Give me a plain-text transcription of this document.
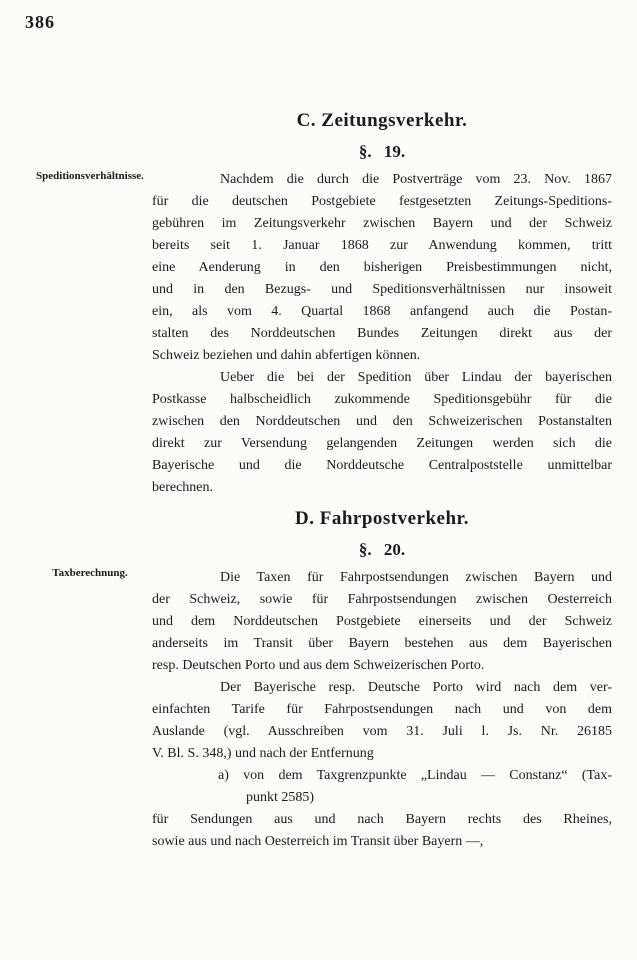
386
Speditionsverhältnisse.
Taxberechnung.
C. Zeitungsverkehr.
§. 19.
Nachdem die durch die Postverträge vom 23. Nov. 1867
für die deutschen Postgebiete festgesetzten Zeitungs-Speditions-
gebühren im Zeitungsverkehr zwischen Bayern und der Schweiz
bereits seit 1. Januar 1868 zur Anwendung kommen, tritt
eine Aenderung in den bisherigen Preisbestimmungen nicht,
und in den Bezugs- und Speditionsverhältnissen nur insoweit
ein, als vom 4. Quartal 1868 anfangend auch die Postan-
stalten des Norddeutschen Bundes Zeitungen direkt aus der
Schweiz beziehen und dahin abfertigen können.
Ueber die bei der Spedition über Lindau der bayerischen
Postkasse halbscheidlich zukommende Speditionsgebühr für die
zwischen den Norddeutschen und den Schweizerischen Postanstalten
direkt zur Versendung gelangenden Zeitungen werden sich die
Bayerische und die Norddeutsche Centralpoststelle unmittelbar
berechnen.
D. Fahrpostverkehr.
§. 20.
Die Taxen für Fahrpostsendungen zwischen Bayern und
der Schweiz, sowie für Fahrpostsendungen zwischen Oesterreich
und dem Norddeutschen Postgebiete einerseits und der Schweiz
anderseits im Transit über Bayern bestehen aus dem Bayerischen
resp. Deutschen Porto und aus dem Schweizerischen Porto.
Der Bayerische resp. Deutsche Porto wird nach dem ver-
einfachten Tarife für Fahrpostsendungen nach und von dem
Auslande (vgl. Ausschreiben vom 31. Juli l. Js. Nr. 26185
V. Bl. S. 348,) und nach der Entfernung
a) von dem Taxgrenzpunkte „Lindau — Constanz“ (Tax-
punkt 2585)
für Sendungen aus und nach Bayern rechts des Rheines,
sowie aus und nach Oesterreich im Transit über Bayern —,
